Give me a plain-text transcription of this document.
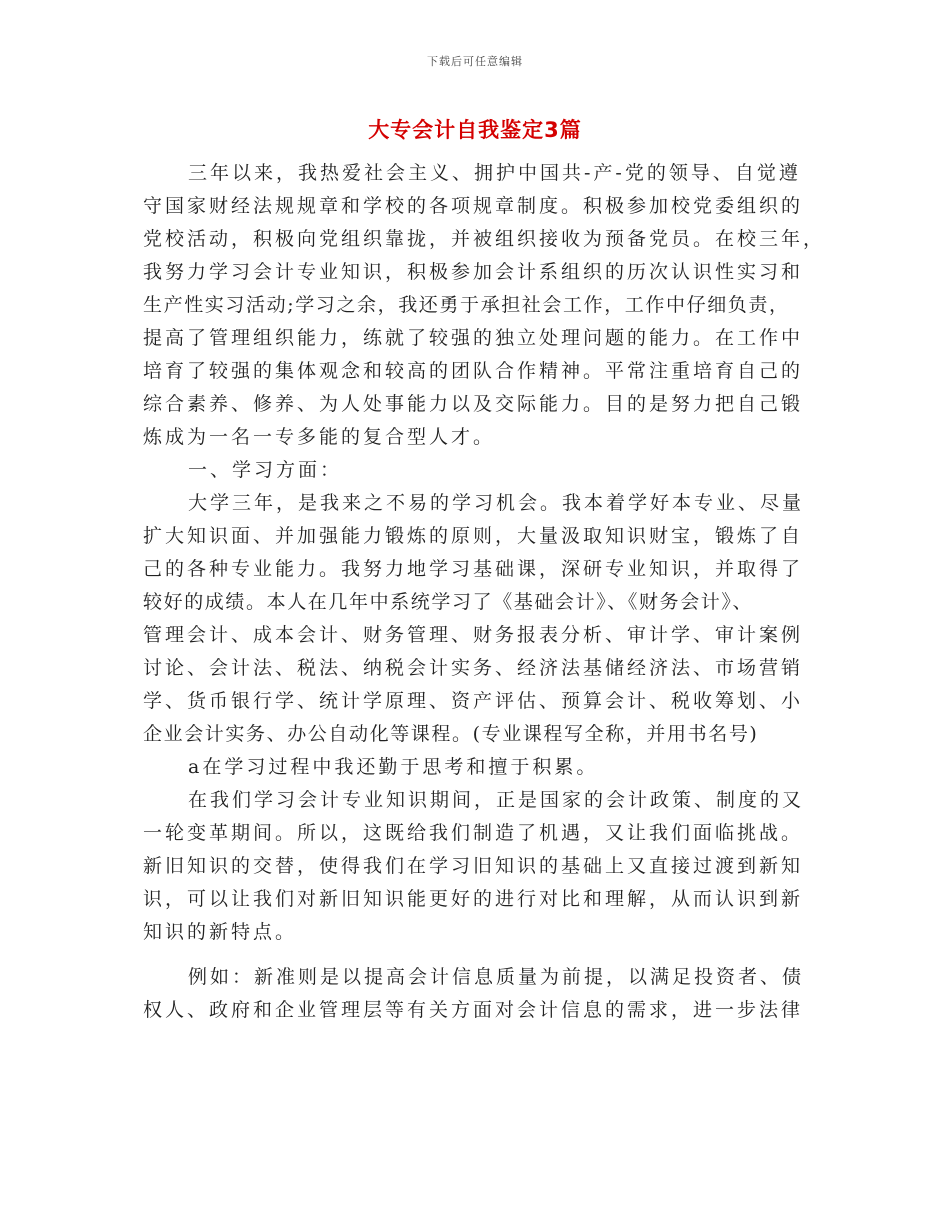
下载后可任意编辑
大专会计自我鉴定3篇
三年以来，我热爱社会主义、拥护中国共-产-党的领导、自觉遵
守国家财经法规规章和学校的各项规章制度。积极参加校党委组织的
党校活动，积极向党组织靠拢，并被组织接收为预备党员。在校三年，
我努力学习会计专业知识，积极参加会计系组织的历次认识性实习和
生产性实习活动;学习之余，我还勇于承担社会工作，工作中仔细负责，
提高了管理组织能力，练就了较强的独立处理问题的能力。在工作中
培育了较强的集体观念和较高的团队合作精神。平常注重培育自己的
综合素养、修养、为人处事能力以及交际能力。目的是努力把自己锻
炼成为一名一专多能的复合型人才。
一、学习方面：
大学三年，是我来之不易的学习机会。我本着学好本专业、尽量
扩大知识面、并加强能力锻炼的原则，大量汲取知识财宝，锻炼了自
己的各种专业能力。我努力地学习基础课，深研专业知识，并取得了
较好的成绩。本人在几年中系统学习了《基础会计》、《财务会计》、
管理会计、成本会计、财务管理、财务报表分析、审计学、审计案例
讨论、会计法、税法、纳税会计实务、经济法基储经济法、市场营销
学、货币银行学、统计学原理、资产评估、预算会计、税收筹划、小
企业会计实务、办公自动化等课程。(专业课程写全称，并用书名号)
a在学习过程中我还勤于思考和擅于积累。
在我们学习会计专业知识期间，正是国家的会计政策、制度的又
一轮变革期间。所以，这既给我们制造了机遇，又让我们面临挑战。
新旧知识的交替，使得我们在学习旧知识的基础上又直接过渡到新知
识，可以让我们对新旧知识能更好的进行对比和理解，从而认识到新
知识的新特点。
例如：新准则是以提高会计信息质量为前提，以满足投资者、债
权人、政府和企业管理层等有关方面对会计信息的需求，进一步法律
